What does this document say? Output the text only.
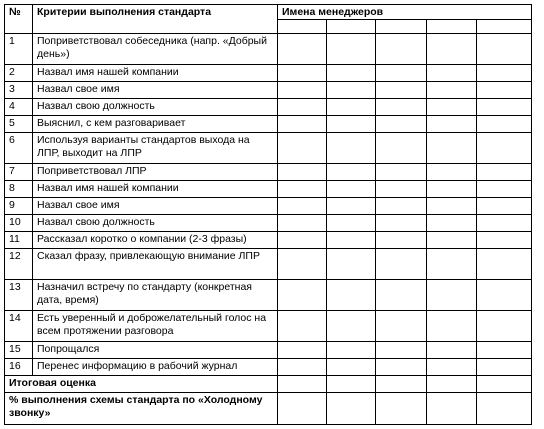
№	Критерии выполнения стандарта	Имена менеджеров				

1	Поприветствовал собеседника (напр. «Добрый день»)					
2	Назвал имя нашей компании					
3	Назвал свое имя					
4	Назвал свою должность					
5	Выяснил, с кем разговаривает					
6	Используя варианты стандартов выхода на ЛПР, выходит на ЛПР					
7	Поприветствовал ЛПР					
8	Назвал имя нашей компании					
9	Назвал свое имя					
10	Назвал свою должность					
11	Рассказал коротко о компании (2-3 фразы)					
12	Сказал фразу, привлекающую внимание ЛПР					
13	Назначил встречу по стандарту (конкретная дата, время)					
14	Есть уверенный и доброжелательный голос на всем протяжении разговора					
15	Попрощался					
16	Перенес информацию в рабочий журнал					
Итоговая оценка						
% выполнения схемы стандарта по «Холодному звонку»						
